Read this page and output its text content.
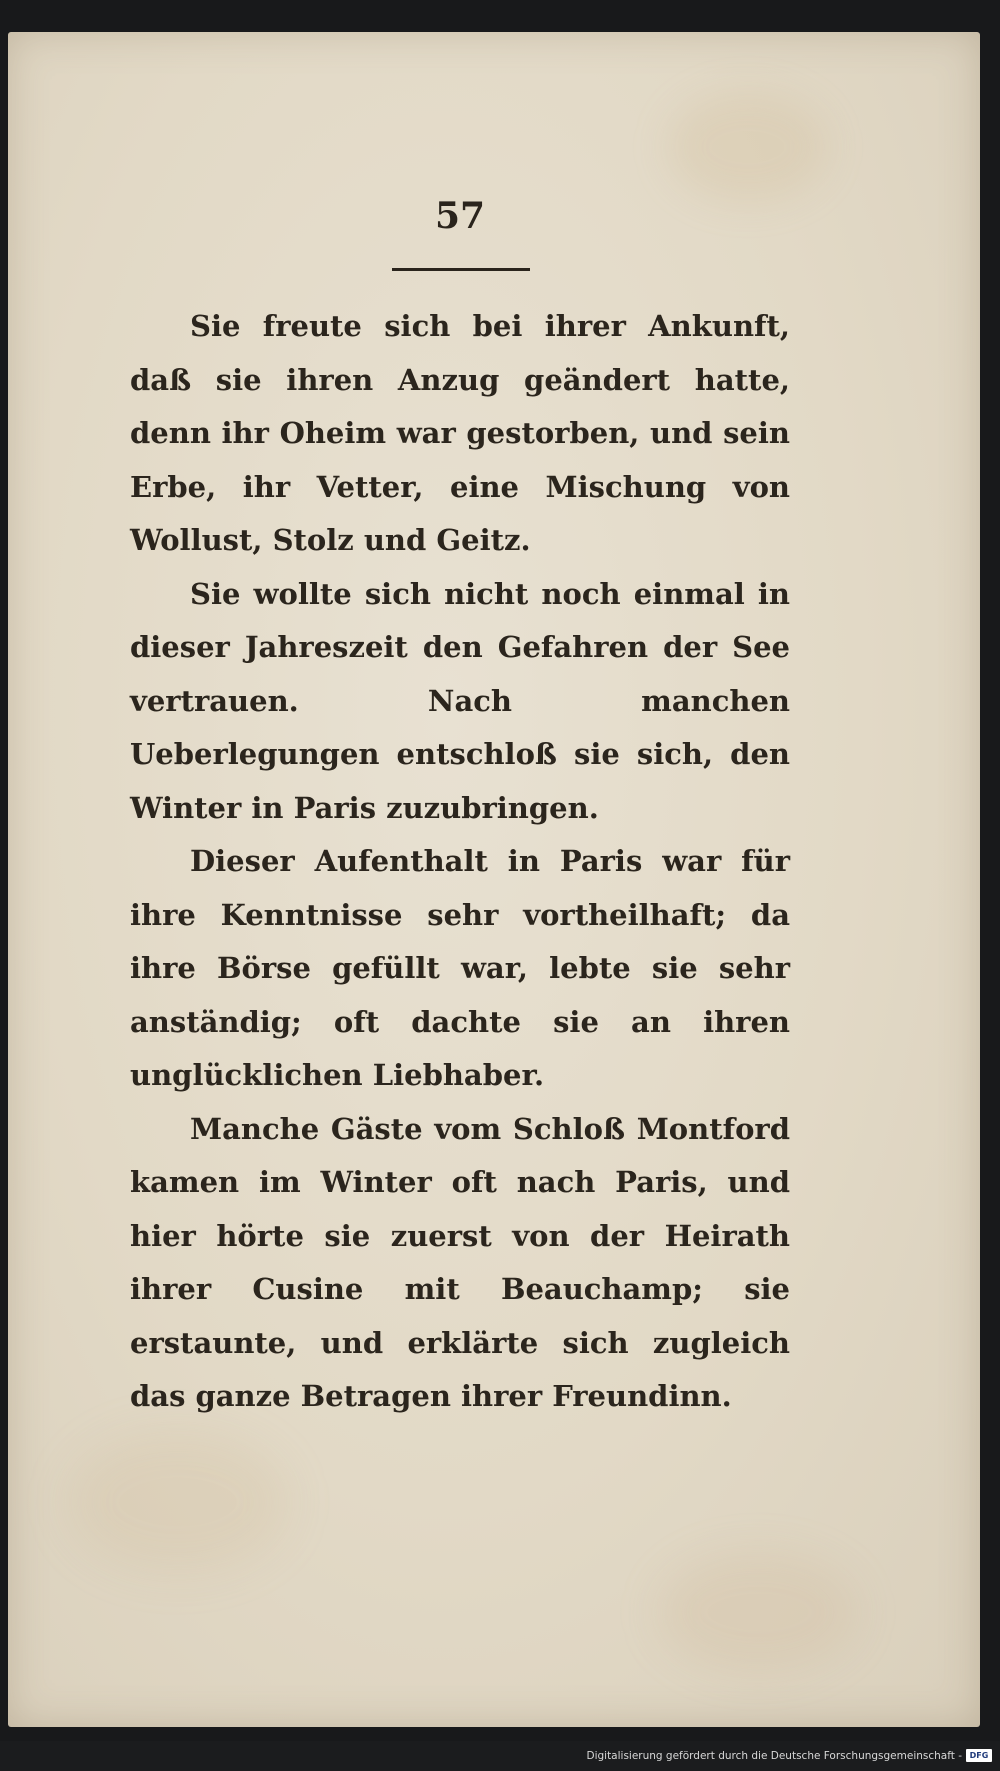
57

Sie freute sich bei ihrer Ankunft, daß sie ihren Anzug geändert hatte, denn ihr Oheim war gestorben, und sein Erbe, ihr Vetter, eine Mischung von Wollust, Stolz und Geitz.

Sie wollte sich nicht noch einmal in dieser Jahreszeit den Gefahren der See vertrauen. Nach manchen Ueberlegungen entschloß sie sich, den Winter in Paris zuzubringen.

Dieser Aufenthalt in Paris war für ihre Kenntnisse sehr vortheilhaft; da ihre Börse gefüllt war, lebte sie sehr anständig; oft dachte sie an ihren unglücklichen Liebhaber.

Manche Gäste vom Schloß Montford kamen im Winter oft nach Paris, und hier hörte sie zuerst von der Heirath ihrer Cusine mit Beauchamp; sie erstaunte, und erklärte sich zugleich das ganze Betragen ihrer Freundinn.

Digitalisierung gefördert durch die Deutsche Forschungsgemeinschaft - DFG
